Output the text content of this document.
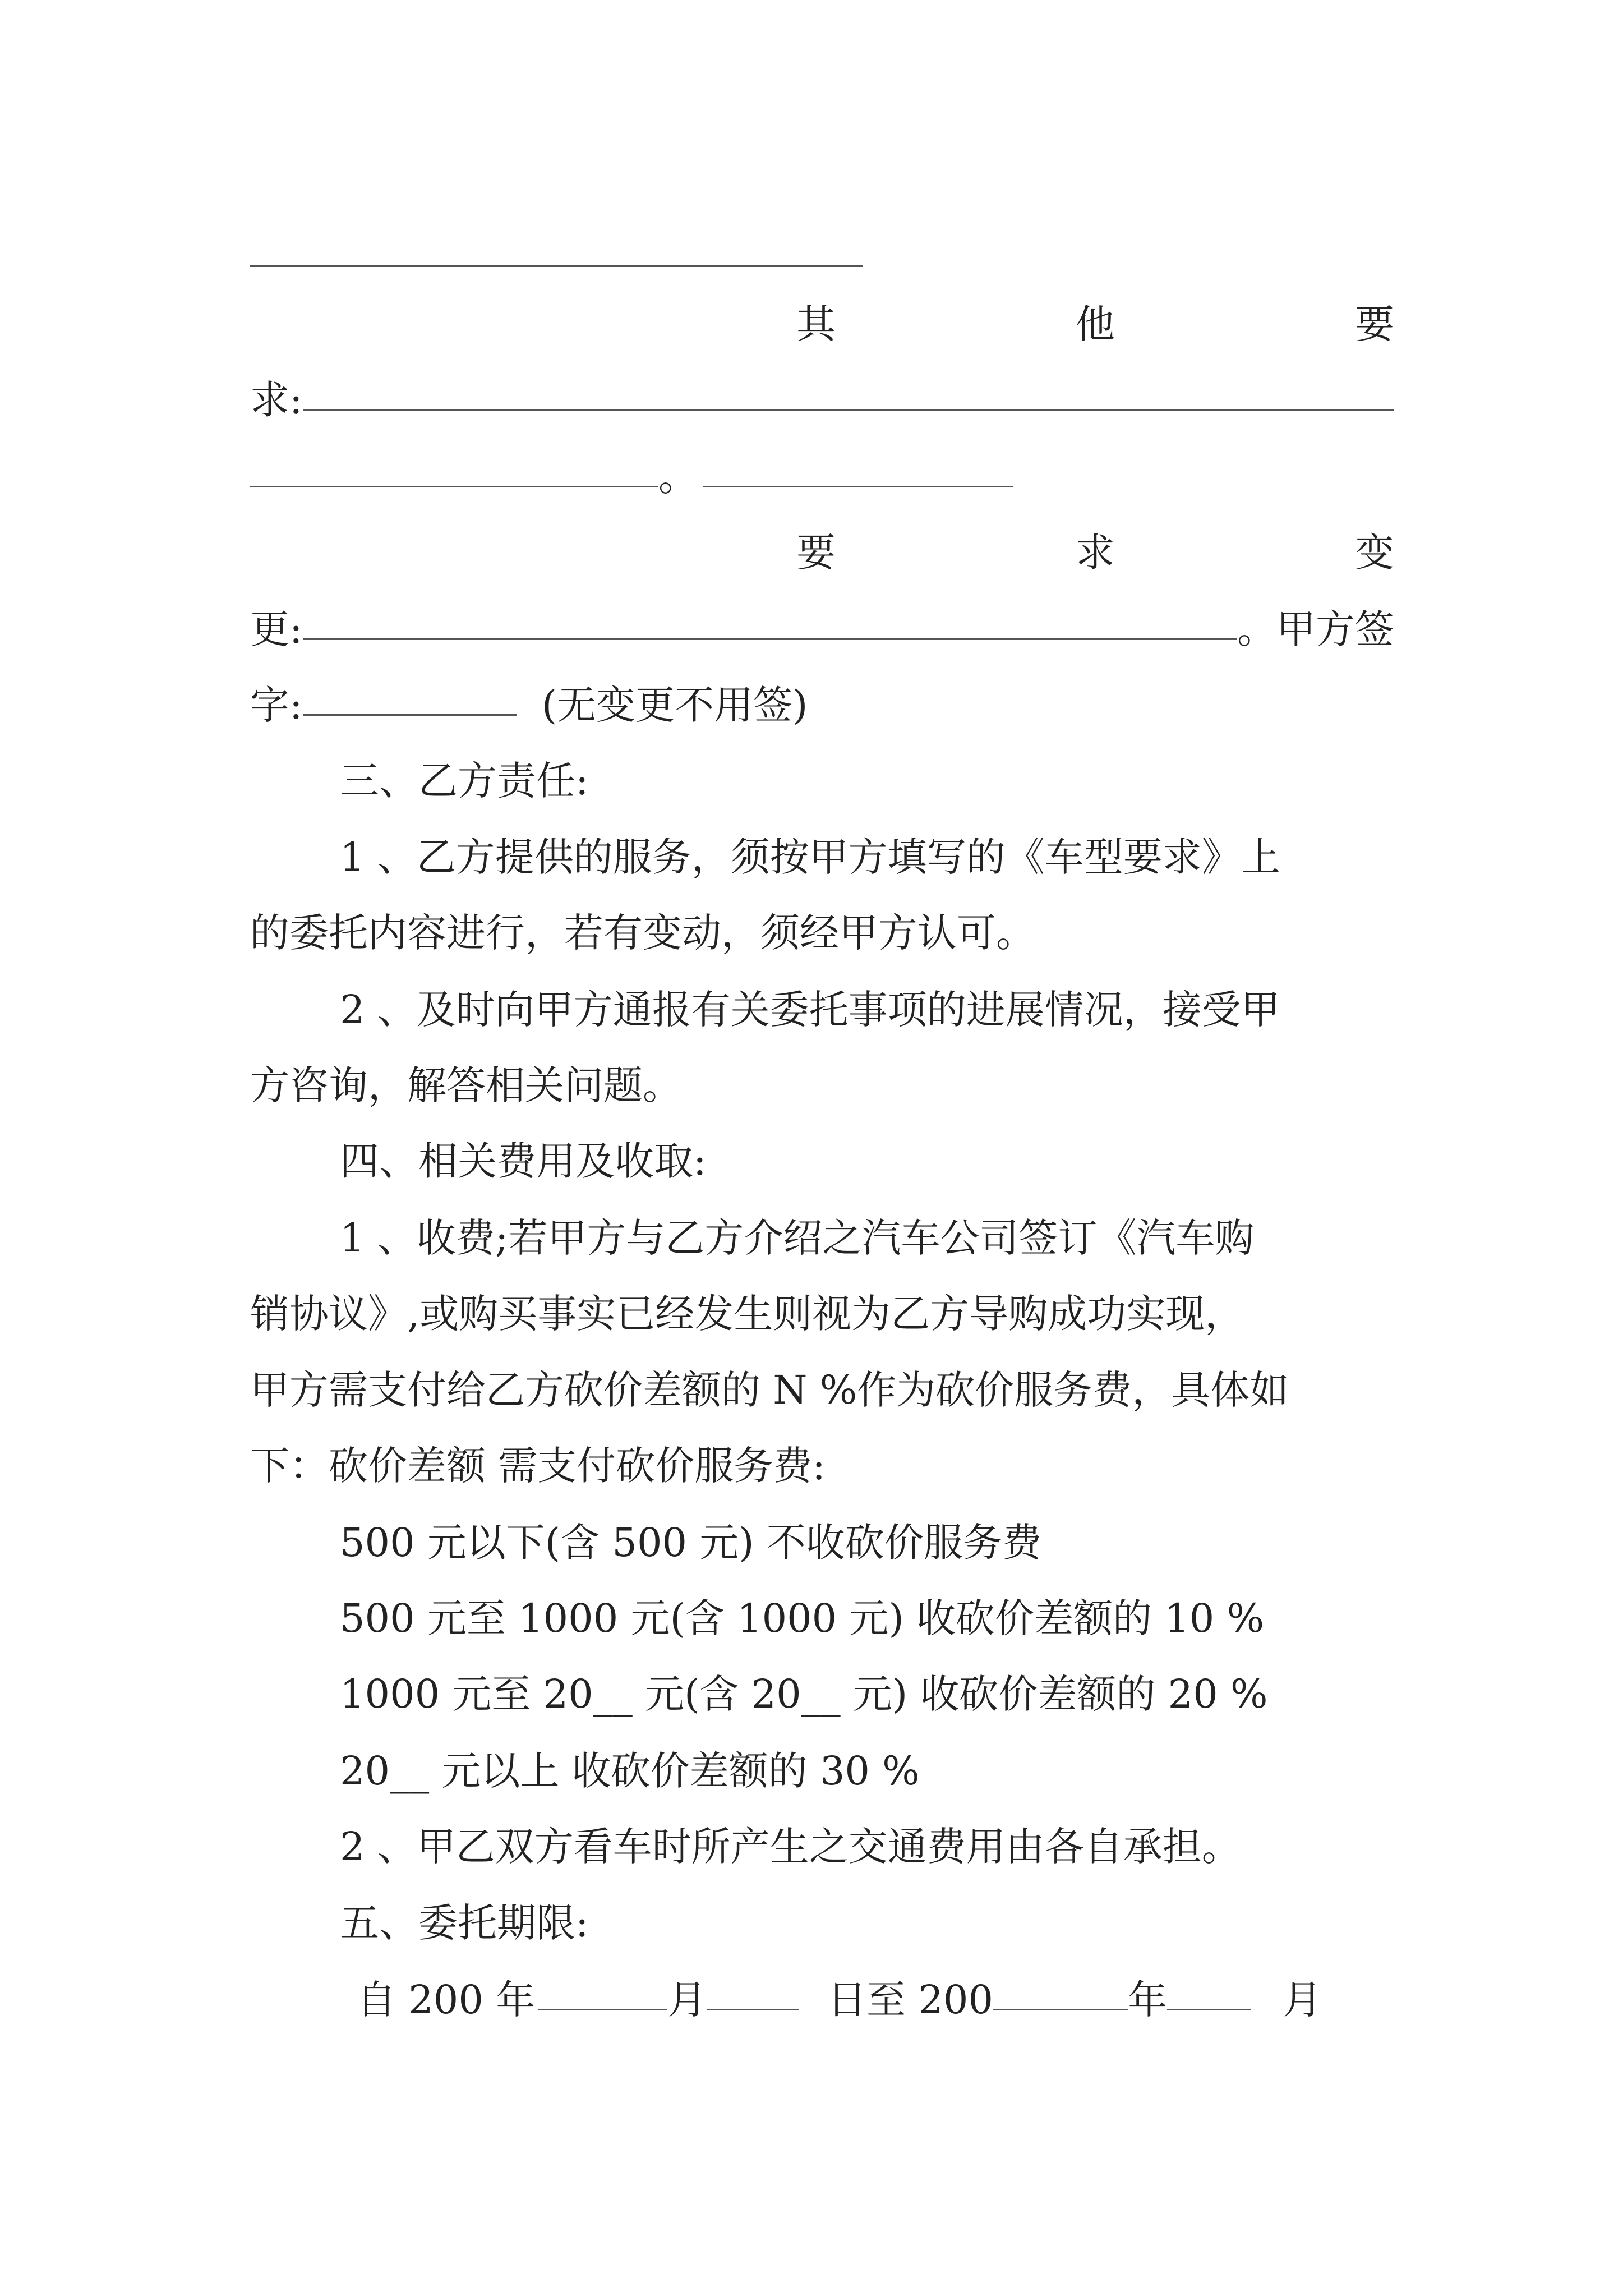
其	他	要
求:
。
要	求	变
更:	。甲方签
字:	(无变更不用签)
三、乙方责任:
1 、乙方提供的服务，须按甲方填写的《车型要求》上
的委托内容进行，若有变动，须经甲方认可。
2 、及时向甲方通报有关委托事项的进展情况，接受甲
方咨询，解答相关问题。
四、相关费用及收取:
1 、收费;若甲方与乙方介绍之汽车公司签订《汽车购
销协议》,或购买事实已经发生则视为乙方导购成功实现，
甲方需支付给乙方砍价差额的 N %作为砍价服务费，具体如
下：砍价差额 需支付砍价服务费:
500 元以下(含 500 元) 不收砍价服务费
500 元至 1000 元(含 1000 元) 收砍价差额的 10 %
1000 元至 20__ 元(含 20__ 元) 收砍价差额的 20 %
20__ 元以上 收砍价差额的 30 %
2 、甲乙双方看车时所产生之交通费用由各自承担。
五、委托期限:
自 200 年	月	日至 200	年	月
